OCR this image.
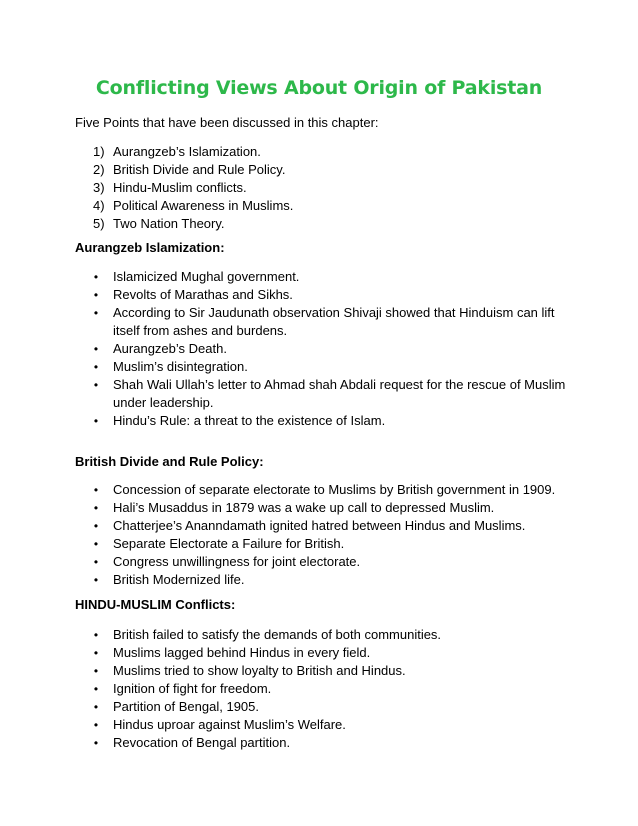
Conflicting Views About Origin of Pakistan
Five Points that have been discussed in this chapter:
1) Aurangzeb’s Islamization.
2) British Divide and Rule Policy.
3) Hindu-Muslim conflicts.
4) Political Awareness in Muslims.
5) Two Nation Theory.
Aurangzeb Islamization:
• Islamicized Mughal government.
• Revolts of Marathas and Sikhs.
• According to Sir Jaudunath observation Shivaji showed that Hinduism can lift itself from ashes and burdens.
• Aurangzeb’s Death.
• Muslim’s disintegration.
• Shah Wali Ullah’s letter to Ahmad shah Abdali request for the rescue of Muslim under leadership.
• Hindu’s Rule: a threat to the existence of Islam.
British Divide and Rule Policy:
• Concession of separate electorate to Muslims by British government in 1909.
• Hali’s Musaddus in 1879 was a wake up call to depressed Muslim.
• Chatterjee’s Ananndamath ignited hatred between Hindus and Muslims.
• Separate Electorate a Failure for British.
• Congress unwillingness for joint electorate.
• British Modernized life.
HINDU-MUSLIM Conflicts:
• British failed to satisfy the demands of both communities.
• Muslims lagged behind Hindus in every field.
• Muslims tried to show loyalty to British and Hindus.
• Ignition of fight for freedom.
• Partition of Bengal, 1905.
• Hindus uproar against Muslim’s Welfare.
• Revocation of Bengal partition.
